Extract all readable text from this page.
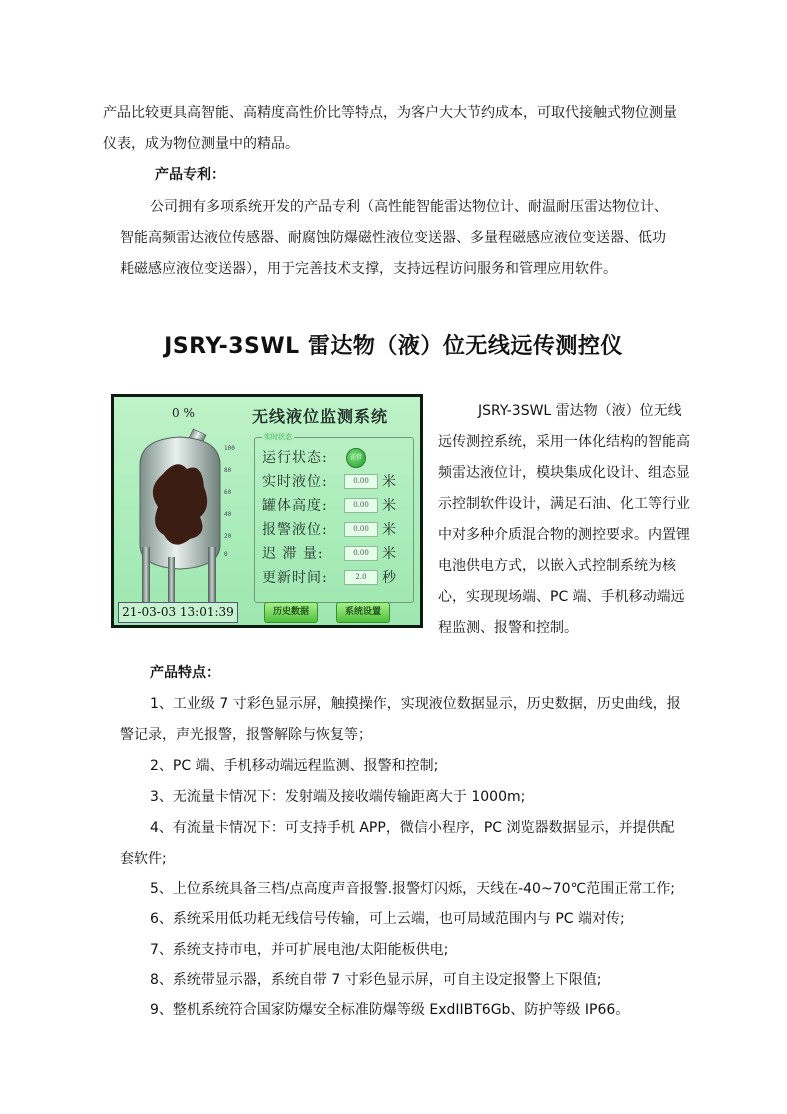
产品比较更具高智能、高精度高性价比等特点，为客户大大节约成本，可取代接触式物位测量
仪表，成为物位测量中的精品。
产品专利：
公司拥有多项系统开发的产品专利（高性能智能雷达物位计、耐温耐压雷达物位计、
智能高频雷达液位传感器、耐腐蚀防爆磁性液位变送器、多量程磁感应液位变送器、低功
耗磁感应液位变送器），用于完善技术支撑，支持远程访问服务和管理应用软件。
JSRY-3SWL 雷达物（液）位无线远传测控仪
0 %	无线液位监测系统
100
80
60
40
20
0
实时状态
运行状态:	正常
实时液位:	0.00 米
罐体高度:	0.00 米
报警液位:	0.00 米
迟 滞 量:	0.00 米
更新时间:	2.0	秒
21-03-03 13:01:39	历史数据	系统设置
JSRY-3SWL 雷达物（液）位无线
远传测控系统，采用一体化结构的智能高
频雷达液位计，模块集成化设计、组态显
示控制软件设计，满足石油、化工等行业
中对多种介质混合物的测控要求。内置锂
电池供电方式，以嵌入式控制系统为核
心，实现现场端、PC 端、手机移动端远
程监测、报警和控制。
产品特点：
1、工业级 7 寸彩色显示屏，触摸操作，实现液位数据显示，历史数据，历史曲线，报
警记录，声光报警，报警解除与恢复等；
2、PC 端、手机移动端远程监测、报警和控制;
3、无流量卡情况下：发射端及接收端传输距离大于 1000m;
4、有流量卡情况下：可支持手机 APP，微信小程序，PC 浏览器数据显示，并提供配
套软件;
5、上位系统具备三档/点高度声音报警.报警灯闪烁，天线在-40~70℃范围正常工作;
6、系统采用低功耗无线信号传输，可上云端，也可局域范围内与 PC 端对传;
7、系统支持市电，并可扩展电池/太阳能板供电;
8、系统带显示器，系统自带 7 寸彩色显示屏，可自主设定报警上下限值;
9、整机系统符合国家防爆安全标准防爆等级 ExdIIBT6Gb、防护等级 IP66。
